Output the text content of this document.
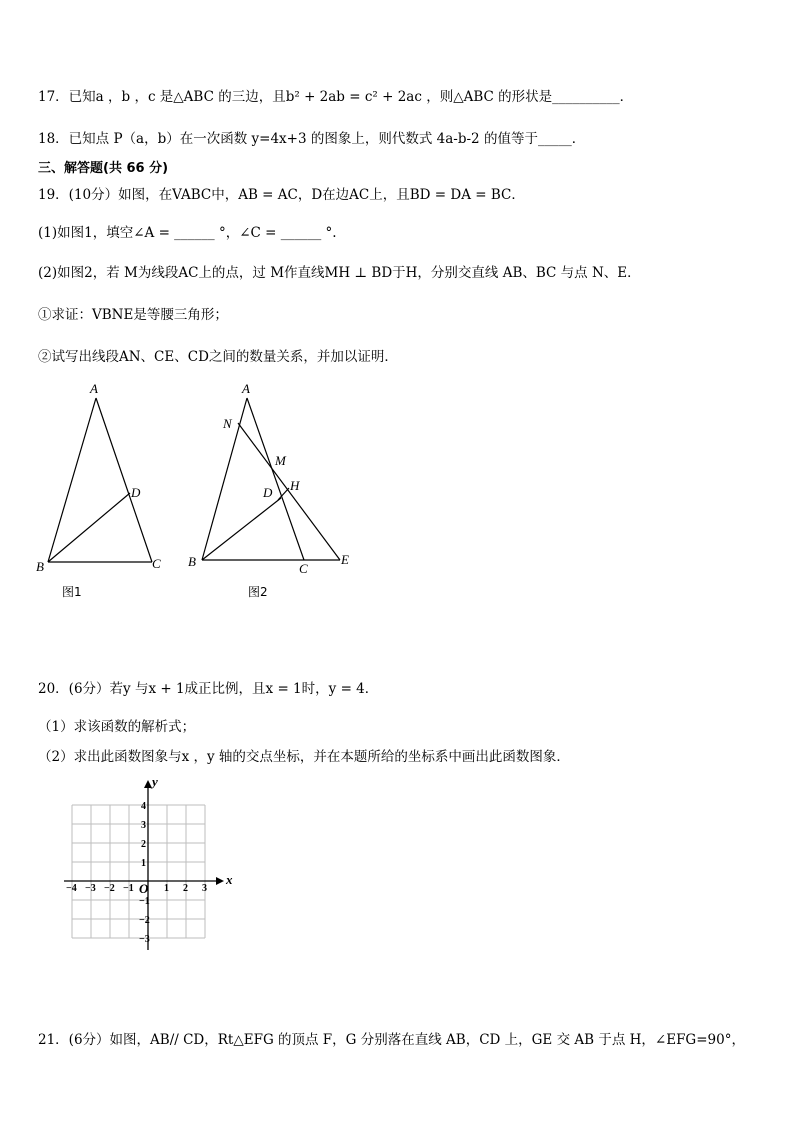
17．已知a ，b ，c 是△ABC 的三边，且b² + 2ab = c² + 2ac ，则△ABC 的形状是__________．
18．已知点 P（a，b）在一次函数 y=4x+3 的图象上，则代数式 4a-b-2 的值等于_____．
三、解答题(共 66 分)
19．(10分）如图，在VABC中，AB = AC，D在边AC上，且BD = DA = BC．
(1)如图1，填空∠A = ______ °，∠C = ______ °.
(2)如图2，若 M为线段AC上的点，过 M作直线MH ⊥ BD于H，分别交直线 AB、BC 与点 N、E．
①求证：VBNE是等腰三角形；
②试写出线段AN、CE、CD之间的数量关系，并加以证明．
A
D
B	C
A
N
M
D H
B	C
E
x
y
O
−4 −3 −2 −1	1 2 3
4
3
2
1
−1
−2
−3
图1	图2
20．(6分）若y 与x + 1成正比例，且x = 1时，y = 4．
（1）求该函数的解析式；
（2）求出此函数图象与x ，y 轴的交点坐标，并在本题所给的坐标系中画出此函数图象．
21．(6分）如图，AB// CD，Rt△EFG 的顶点 F，G 分别落在直线 AB，CD 上，GE 交 AB 于点 H，∠EFG=90°，
